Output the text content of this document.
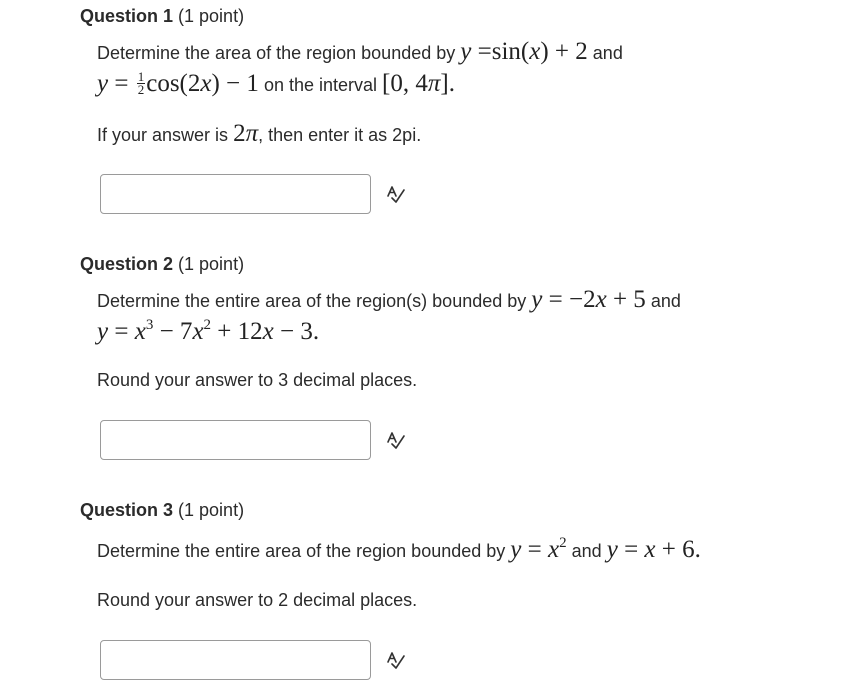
Question 1 (1 point)
Determine the area of the region bounded by y =sin(x) + 2 and
$y = \frac{1}{2} \cos(2x) - 1$ on the interval [0, 4π].
If your answer is 2π, then enter it as 2pi.
Question 2 (1 point)
Determine the entire area of the region(s) bounded by y = −2x + 5 and
$y = x^3 - 7x^2 + 12x - 3$.
Round your answer to 3 decimal places.
Question 3 (1 point)
Determine the entire area of the region bounded by $y = x^2$ and y = x + 6.
Round your answer to 2 decimal places.
